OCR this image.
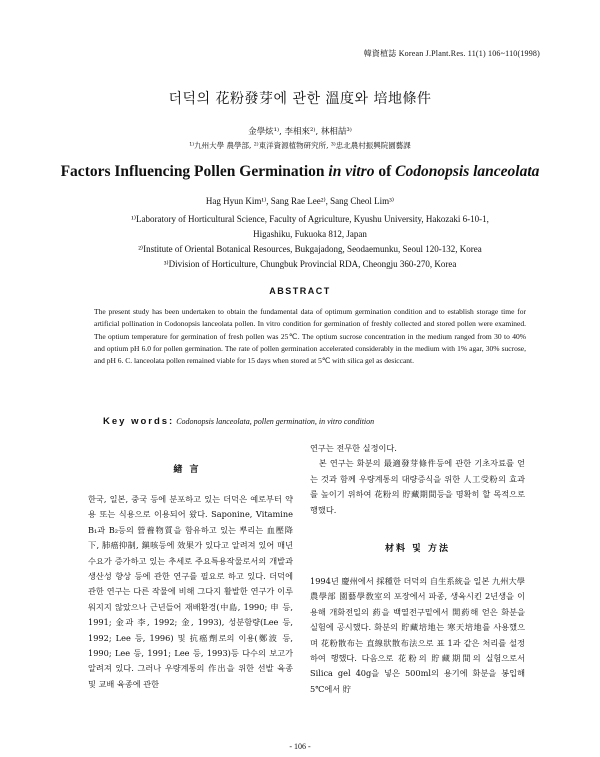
韓資植誌 Korean J.Plant.Res. 11(1) 106~110(1998)
더덕의 花粉發芽에 관한 溫度와 培地條件
金學炫¹⁾, 李相來²⁾, 林相喆³⁾
¹⁾九州大學 農學部, ²⁾東洋資源植物硏究所, ³⁾忠北農村振興院園藝課
Factors Influencing Pollen Germination in vitro of Codonopsis lanceolata
Hag Hyun Kim¹⁾, Sang Rae Lee²⁾, Sang Cheol Lim³⁾
¹⁾Laboratory of Horticultural Science, Faculty of Agriculture, Kyushu University, Hakozaki 6-10-1,
Higashiku, Fukuoka 812, Japan
²⁾Institute of Oriental Botanical Resources, Bukgajadong, Seodaemunku, Seoul 120-132, Korea
³⁾Division of Horticulture, Chungbuk Provincial RDA, Cheongju 360-270, Korea
ABSTRACT
The present study has been undertaken to obtain the fundamental data of optimum germination condition and to establish storage time for artificial pollination in Codonopsis lanceolata pollen. In vitro condition for germination of freshly collected and stored pollen were examined. The optium temperature for germination of fresh pollen was 25℃. The optium sucrose concentration in the medium ranged from 30 to 40% and optium pH 6.0 for pollen germination. The rate of pollen germination accelerated considerably in the medium with 1% agar, 30% sucrose, and pH 6. C. lanceolata pollen remained viable for 15 days when stored at 5℃ with silica gel as desiccant.
Key words: Codonopsis lanceolata, pollen germination, in vitro condition
緖 言
한국, 일본, 중국 등에 분포하고 있는 더덕은 예로부터 약용 또는 식용으로 이용되어 왔다. Saponine, Vitamine B₁과 B₂등의 營養物質을 함유하고 있는 뿌리는 血壓降下, 肺癌抑制, 鎭咳등에 效果가 있다고 알려져 있어 매년 수요가 증가하고 있는 추세로 주요특용작물로서의 개발과 생산성 향상 등에 관한 연구를 필요로 하고 있다. 더덕에 관한 연구는 다른 작물에 비해 그다지 활발한 연구가 이루워지지 않았으나 근년들어 재배환경(中島, 1990; 申 등, 1991; 金과 李, 1992; 金, 1993), 성분함량(Lee 등, 1992; Lee 등, 1996) 및 抗癌劑로의 이용(鄭波 등, 1990; Lee 등, 1991; Lee 등, 1993)등 다수의 보고가 알려져 있다. 그러나 우량계통의 作出을 위한 선발 육종 및 교배 육종에 관한
연구는 전무한 실정이다.
　본 연구는 화분의 最適發芽條件등에 관한 기초자료를 얻는 것과 함께 우량계통의 대량증식을 위한 人工受粉의 효과를 높이기 위하여 花粉의 貯藏期間등을 명확히 할 목적으로 행했다.
材料 및 方法
1994년 慶州에서 採種한 더덕의 自生系統을 일본 九州大學 農學部 園藝學敎室의 포장에서 파종, 생육시킨 2년생을 이용해 개화전일의 葯을 백열전구밑에서 開葯해 얻은 화분을 실험에 공시했다. 화분의 貯藏培地는 寒天培地를 사용했으며 花粉散布는 直線狀散布法으로 표 1과 같은 처리를 설정하여 행했다. 다음으로 花粉의 貯藏期間의 실험으로서 Silica gel 40g을 넣은 500ml의 용기에 화분을 봉입해 5℃에서 貯
- 106 -
